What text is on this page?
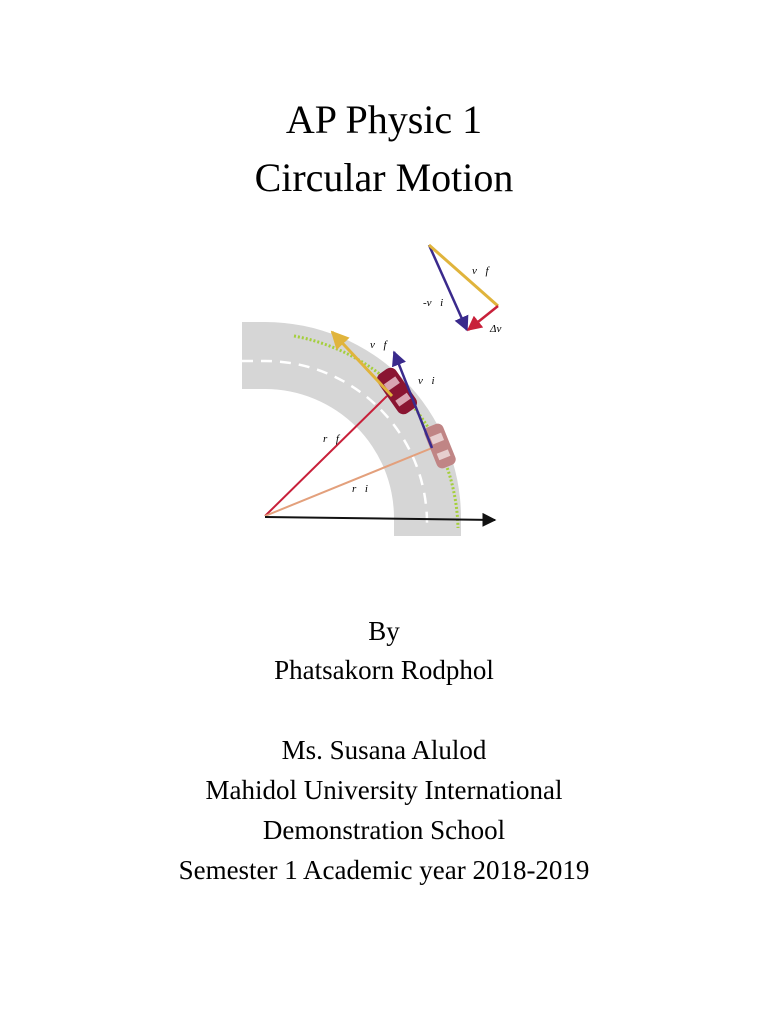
AP Physic 1
Circular Motion
v⃗f
-v⃗i
Δv⃗
v⃗f
v⃗i
r⃗f
r⃗i

By

Phatsakorn Rodphol

Ms. Susana Alulod

Mahidol University International

Demonstration School

Semester 1 Academic year 2018-2019
